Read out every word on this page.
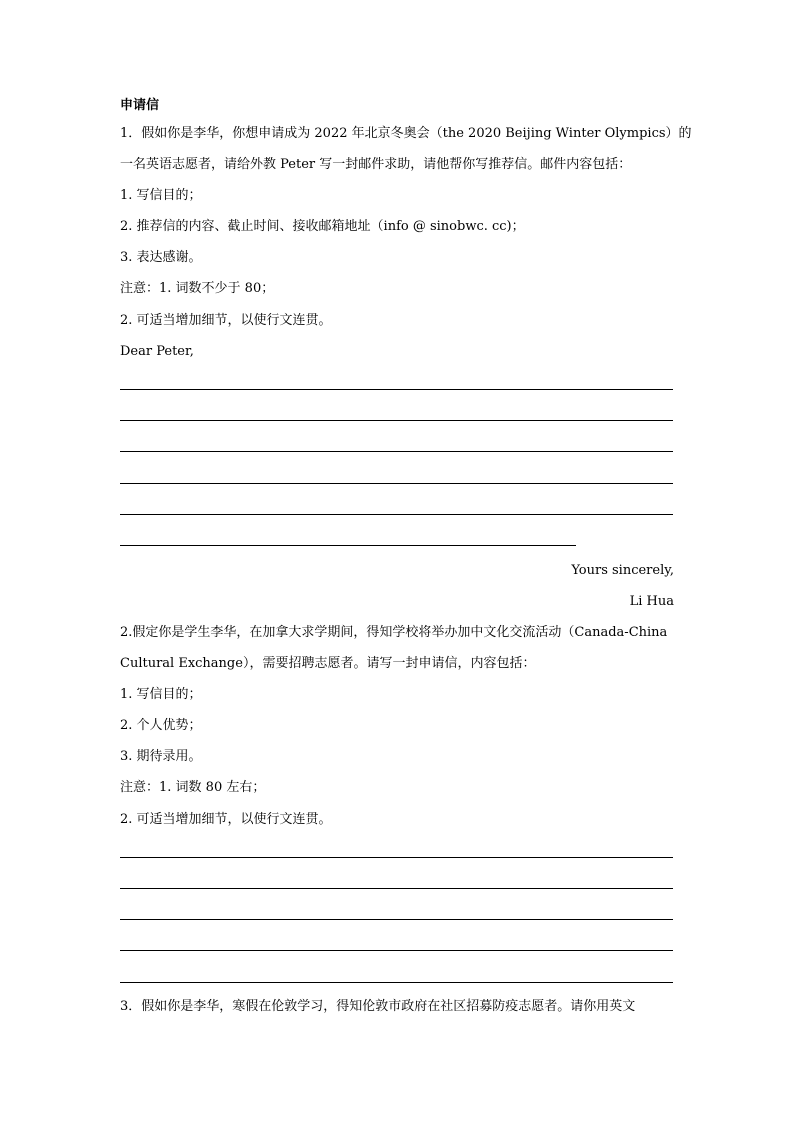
申请信
1．假如你是李华，你想申请成为 2022 年北京冬奥会（the 2020 Beijing Winter Olympics）的
一名英语志愿者，请给外教 Peter 写一封邮件求助，请他帮你写推荐信。邮件内容包括：
1. 写信目的；
2. 推荐信的内容、截止时间、接收邮箱地址（info @ sinobwc. cc)；
3. 表达感谢。
注意：1. 词数不少于 80；
2. 可适当增加细节，以使行文连贯。
Dear Peter,
Yours sincerely,
Li Hua
2.假定你是学生李华，在加拿大求学期间，得知学校将举办加中文化交流活动（Canada-China
Cultural Exchange），需要招聘志愿者。请写一封申请信，内容包括：
1. 写信目的；
2. 个人优势；
3. 期待录用。
注意：1. 词数 80 左右；
2. 可适当增加细节，以使行文连贯。
3．假如你是李华，寒假在伦敦学习，得知伦敦市政府在社区招募防疫志愿者。请你用英文
